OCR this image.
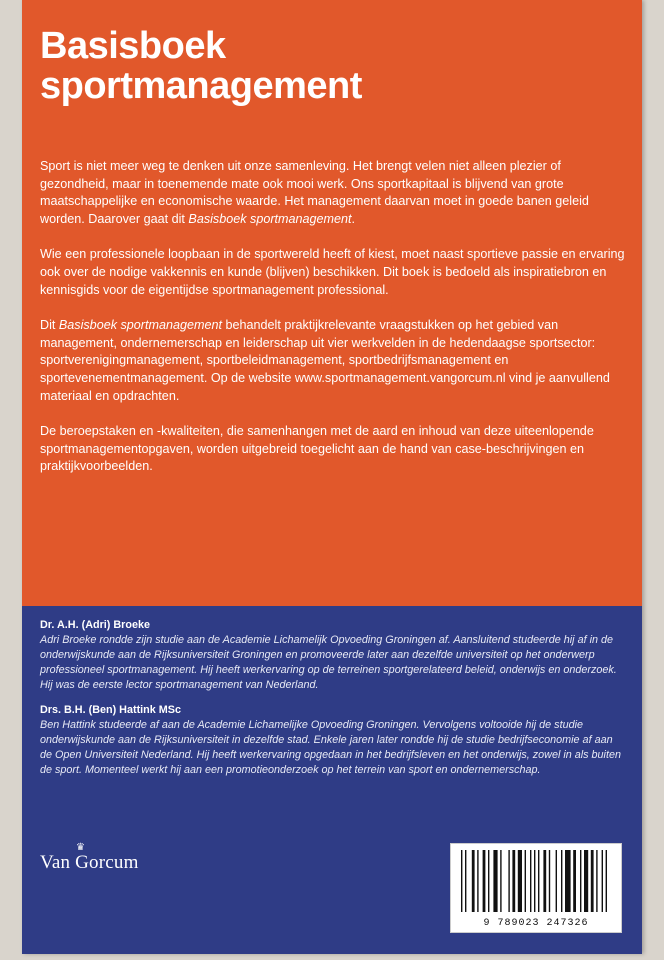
Basisboek
sportmanagement

Sport is niet meer weg te denken uit onze samenleving. Het brengt velen niet alleen plezier of gezondheid, maar in toenemende mate ook mooi werk. Ons sportkapitaal is blijvend van grote maatschappelijke en economische waarde. Het management daarvan moet in goede banen geleid worden. Daarover gaat dit Basisboek sportmanagement.

Wie een professionele loopbaan in de sportwereld heeft of kiest, moet naast sportieve passie en ervaring ook over de nodige vakkennis en kunde (blijven) beschikken. Dit boek is bedoeld als inspiratiebron en kennisgids voor de eigentijdse sportmanagement professional.

Dit Basisboek sportmanagement behandelt praktijkrelevante vraagstukken op het gebied van management, ondernemerschap en leiderschap uit vier werkvelden in de hedendaagse sportsector: sportverenigingmanagement, sportbeleidmanagement, sportbedrijfsmanagement en sportevenementmanagement. Op de website www.sportmanagement.vangorcum.nl vind je aanvullend materiaal en opdrachten.

De beroepstaken en -kwaliteiten, die samenhangen met de aard en inhoud van deze uiteenlopende sportmanagementopgaven, worden uitgebreid toegelicht aan de hand van case-beschrijvingen en praktijkvoorbeelden.

Dr. A.H. (Adri) Broeke
Adri Broeke rondde zijn studie aan de Academie Lichamelijk Opvoeding Groningen af. Aansluitend studeerde hij af in de onderwijskunde aan de Rijksuniversiteit Groningen en promoveerde later aan dezelfde universiteit op het onderwerp professioneel sportmanagement. Hij heeft werkervaring op de terreinen sportgerelateerd beleid, onderwijs en onderzoek. Hij was de eerste lector sportmanagement van Nederland.
Drs. B.H. (Ben) Hattink MSc
Ben Hattink studeerde af aan de Academie Lichamelijke Opvoeding Groningen. Vervolgens voltooide hij de studie onderwijskunde aan de Rijksuniversiteit in dezelfde stad. Enkele jaren later rondde hij de studie bedrijfseconomie af aan de Open Universiteit Nederland. Hij heeft werkervaring opgedaan in het bedrijfsleven en het onderwijs, zowel in als buiten de sport. Momenteel werkt hij aan een promotieonderzoek op het terrein van sport en ondernemerschap.
♛
Van Gorcum
9 789023 247326
